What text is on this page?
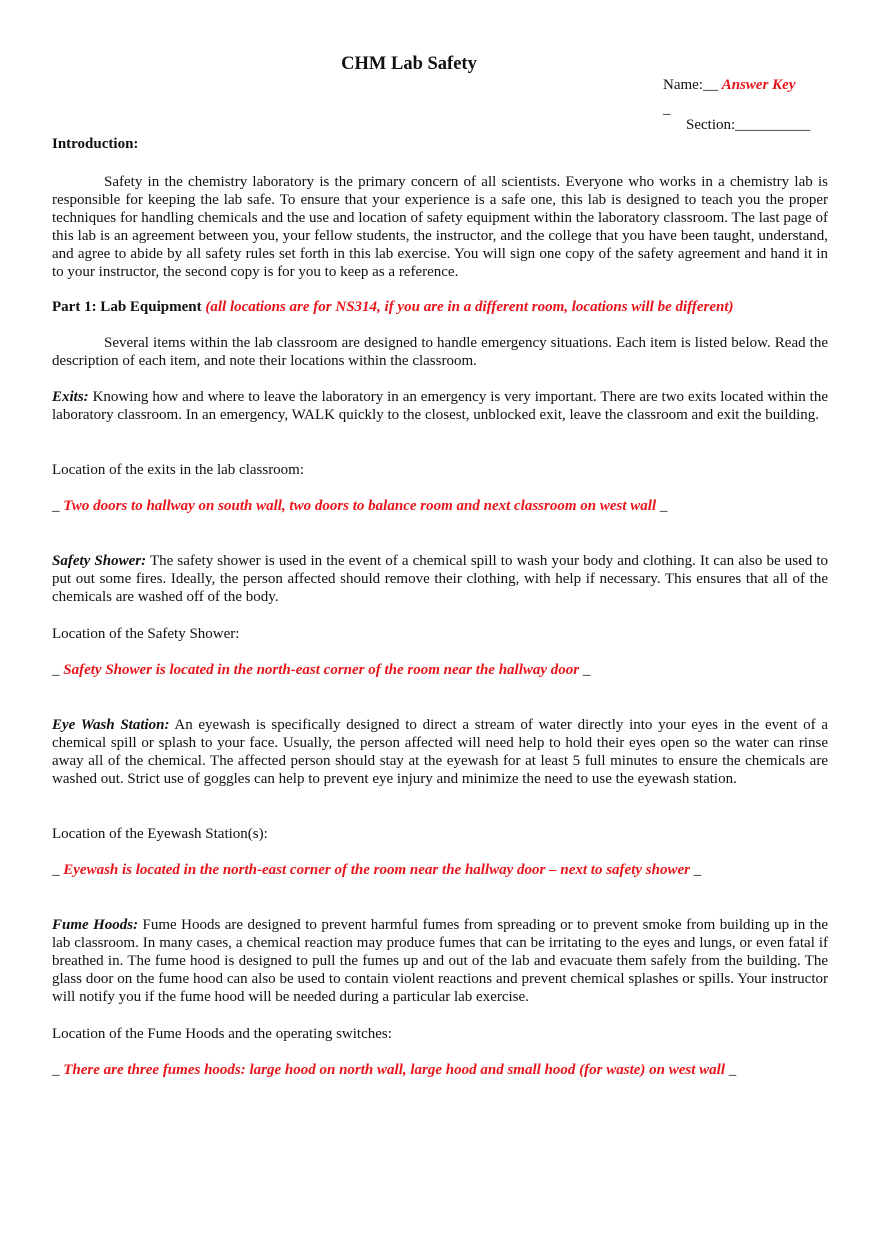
CHM Lab Safety
Name:__ Answer Key
_
Section:__________
Introduction:
Safety in the chemistry laboratory is the primary concern of all scientists. Everyone who works in a chemistry lab is responsible for keeping the lab safe. To ensure that your experience is a safe one, this lab is designed to teach you the proper techniques for handling chemicals and the use and location of safety equipment within the laboratory classroom. The last page of this lab is an agreement between you, your fellow students, the instructor, and the college that you have been taught, understand, and agree to abide by all safety rules set forth in this lab exercise. You will sign one copy of the safety agreement and hand it in to your instructor, the second copy is for you to keep as a reference.
Part 1: Lab Equipment (all locations are for NS314, if you are in a different room, locations will be different)
Several items within the lab classroom are designed to handle emergency situations. Each item is listed below. Read the description of each item, and note their locations within the classroom.
Exits: Knowing how and where to leave the laboratory in an emergency is very important. There are two exits located within the laboratory classroom. In an emergency, WALK quickly to the closest, unblocked exit, leave the classroom and exit the building.
Location of the exits in the lab classroom:
_ Two doors to hallway on south wall, two doors to balance room and next classroom on west wall _
Safety Shower: The safety shower is used in the event of a chemical spill to wash your body and clothing. It can also be used to put out some fires. Ideally, the person affected should remove their clothing, with help if necessary. This ensures that all of the chemicals are washed off of the body.
Location of the Safety Shower:
_ Safety Shower is located in the north-east corner of the room near the hallway door _
Eye Wash Station: An eyewash is specifically designed to direct a stream of water directly into your eyes in the event of a chemical spill or splash to your face. Usually, the person affected will need help to hold their eyes open so the water can rinse away all of the chemical. The affected person should stay at the eyewash for at least 5 full minutes to ensure the chemicals are washed out. Strict use of goggles can help to prevent eye injury and minimize the need to use the eyewash station.
Location of the Eyewash Station(s):
_ Eyewash is located in the north-east corner of the room near the hallway door – next to safety shower _
Fume Hoods: Fume Hoods are designed to prevent harmful fumes from spreading or to prevent smoke from building up in the lab classroom. In many cases, a chemical reaction may produce fumes that can be irritating to the eyes and lungs, or even fatal if breathed in. The fume hood is designed to pull the fumes up and out of the lab and evacuate them safely from the building. The glass door on the fume hood can also be used to contain violent reactions and prevent chemical splashes or spills. Your instructor will notify you if the fume hood will be needed during a particular lab exercise.
Location of the Fume Hoods and the operating switches:
_ There are three fumes hoods: large hood on north wall, large hood and small hood (for waste) on west wall _
